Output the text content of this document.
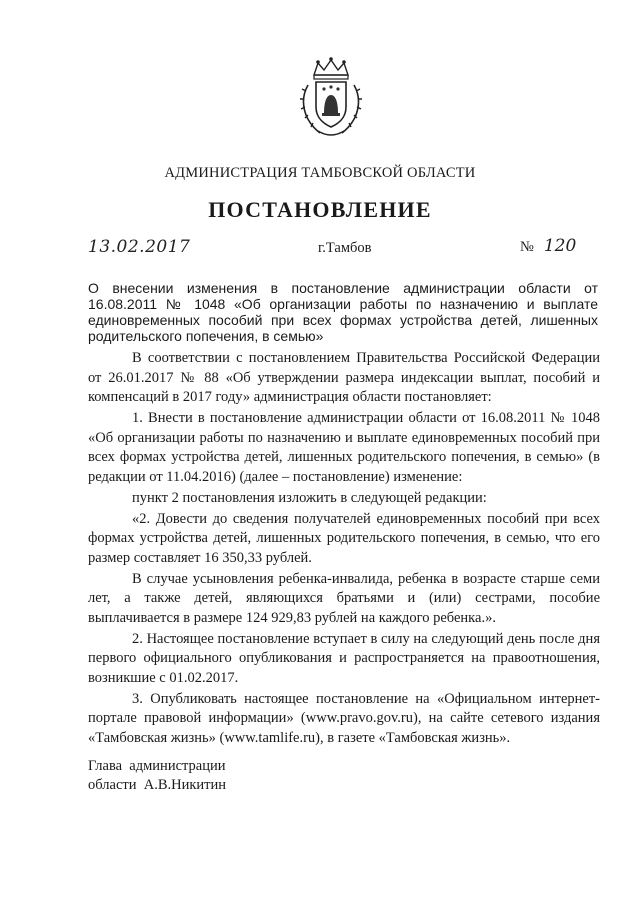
АДМИНИСТРАЦИЯ ТАМБОВСКОЙ ОБЛАСТИ
ПОСТАНОВЛЕНИЕ
13.02.2017	г.Тамбов	№ 120
О внесении изменения в постановление администрации области от 16.08.2011 № 1048 «Об организации работы по назначению и выплате единовременных пособий при всех формах устройства детей, лишенных родительского попечения, в семью»

В соответствии с постановлением Правительства Российской Федерации от 26.01.2017 № 88 «Об утверждении размера индексации выплат, пособий и компенсаций в 2017 году» администрация области постановляет:

1. Внести в постановление администрации области от 16.08.2011 № 1048 «Об организации работы по назначению и выплате единовременных пособий при всех формах устройства детей, лишенных родительского попечения, в семью» (в редакции от 11.04.2016) (далее – постановление) изменение:

пункт 2 постановления изложить в следующей редакции:

«2. Довести до сведения получателей единовременных пособий при всех формах устройства детей, лишенных родительского попечения, в семью, что его размер составляет 16 350,33 рублей.

В случае усыновления ребенка-инвалида, ребенка в возрасте старше семи лет, а также детей, являющихся братьями и (или) сестрами, пособие выплачивается в размере 124 929,83 рублей на каждого ребенка.».

2. Настоящее постановление вступает в силу на следующий день после дня первого официального опубликования и распространяется на правоотношения, возникшие с 01.02.2017.

3. Опубликовать настоящее постановление на «Официальном интернет-портале правовой информации» (www.pravo.gov.ru), на сайте сетевого издания «Тамбовская жизнь» (www.tamlife.ru), в газете «Тамбовская жизнь».

Глава  администрации
области  А.В.Никитин
